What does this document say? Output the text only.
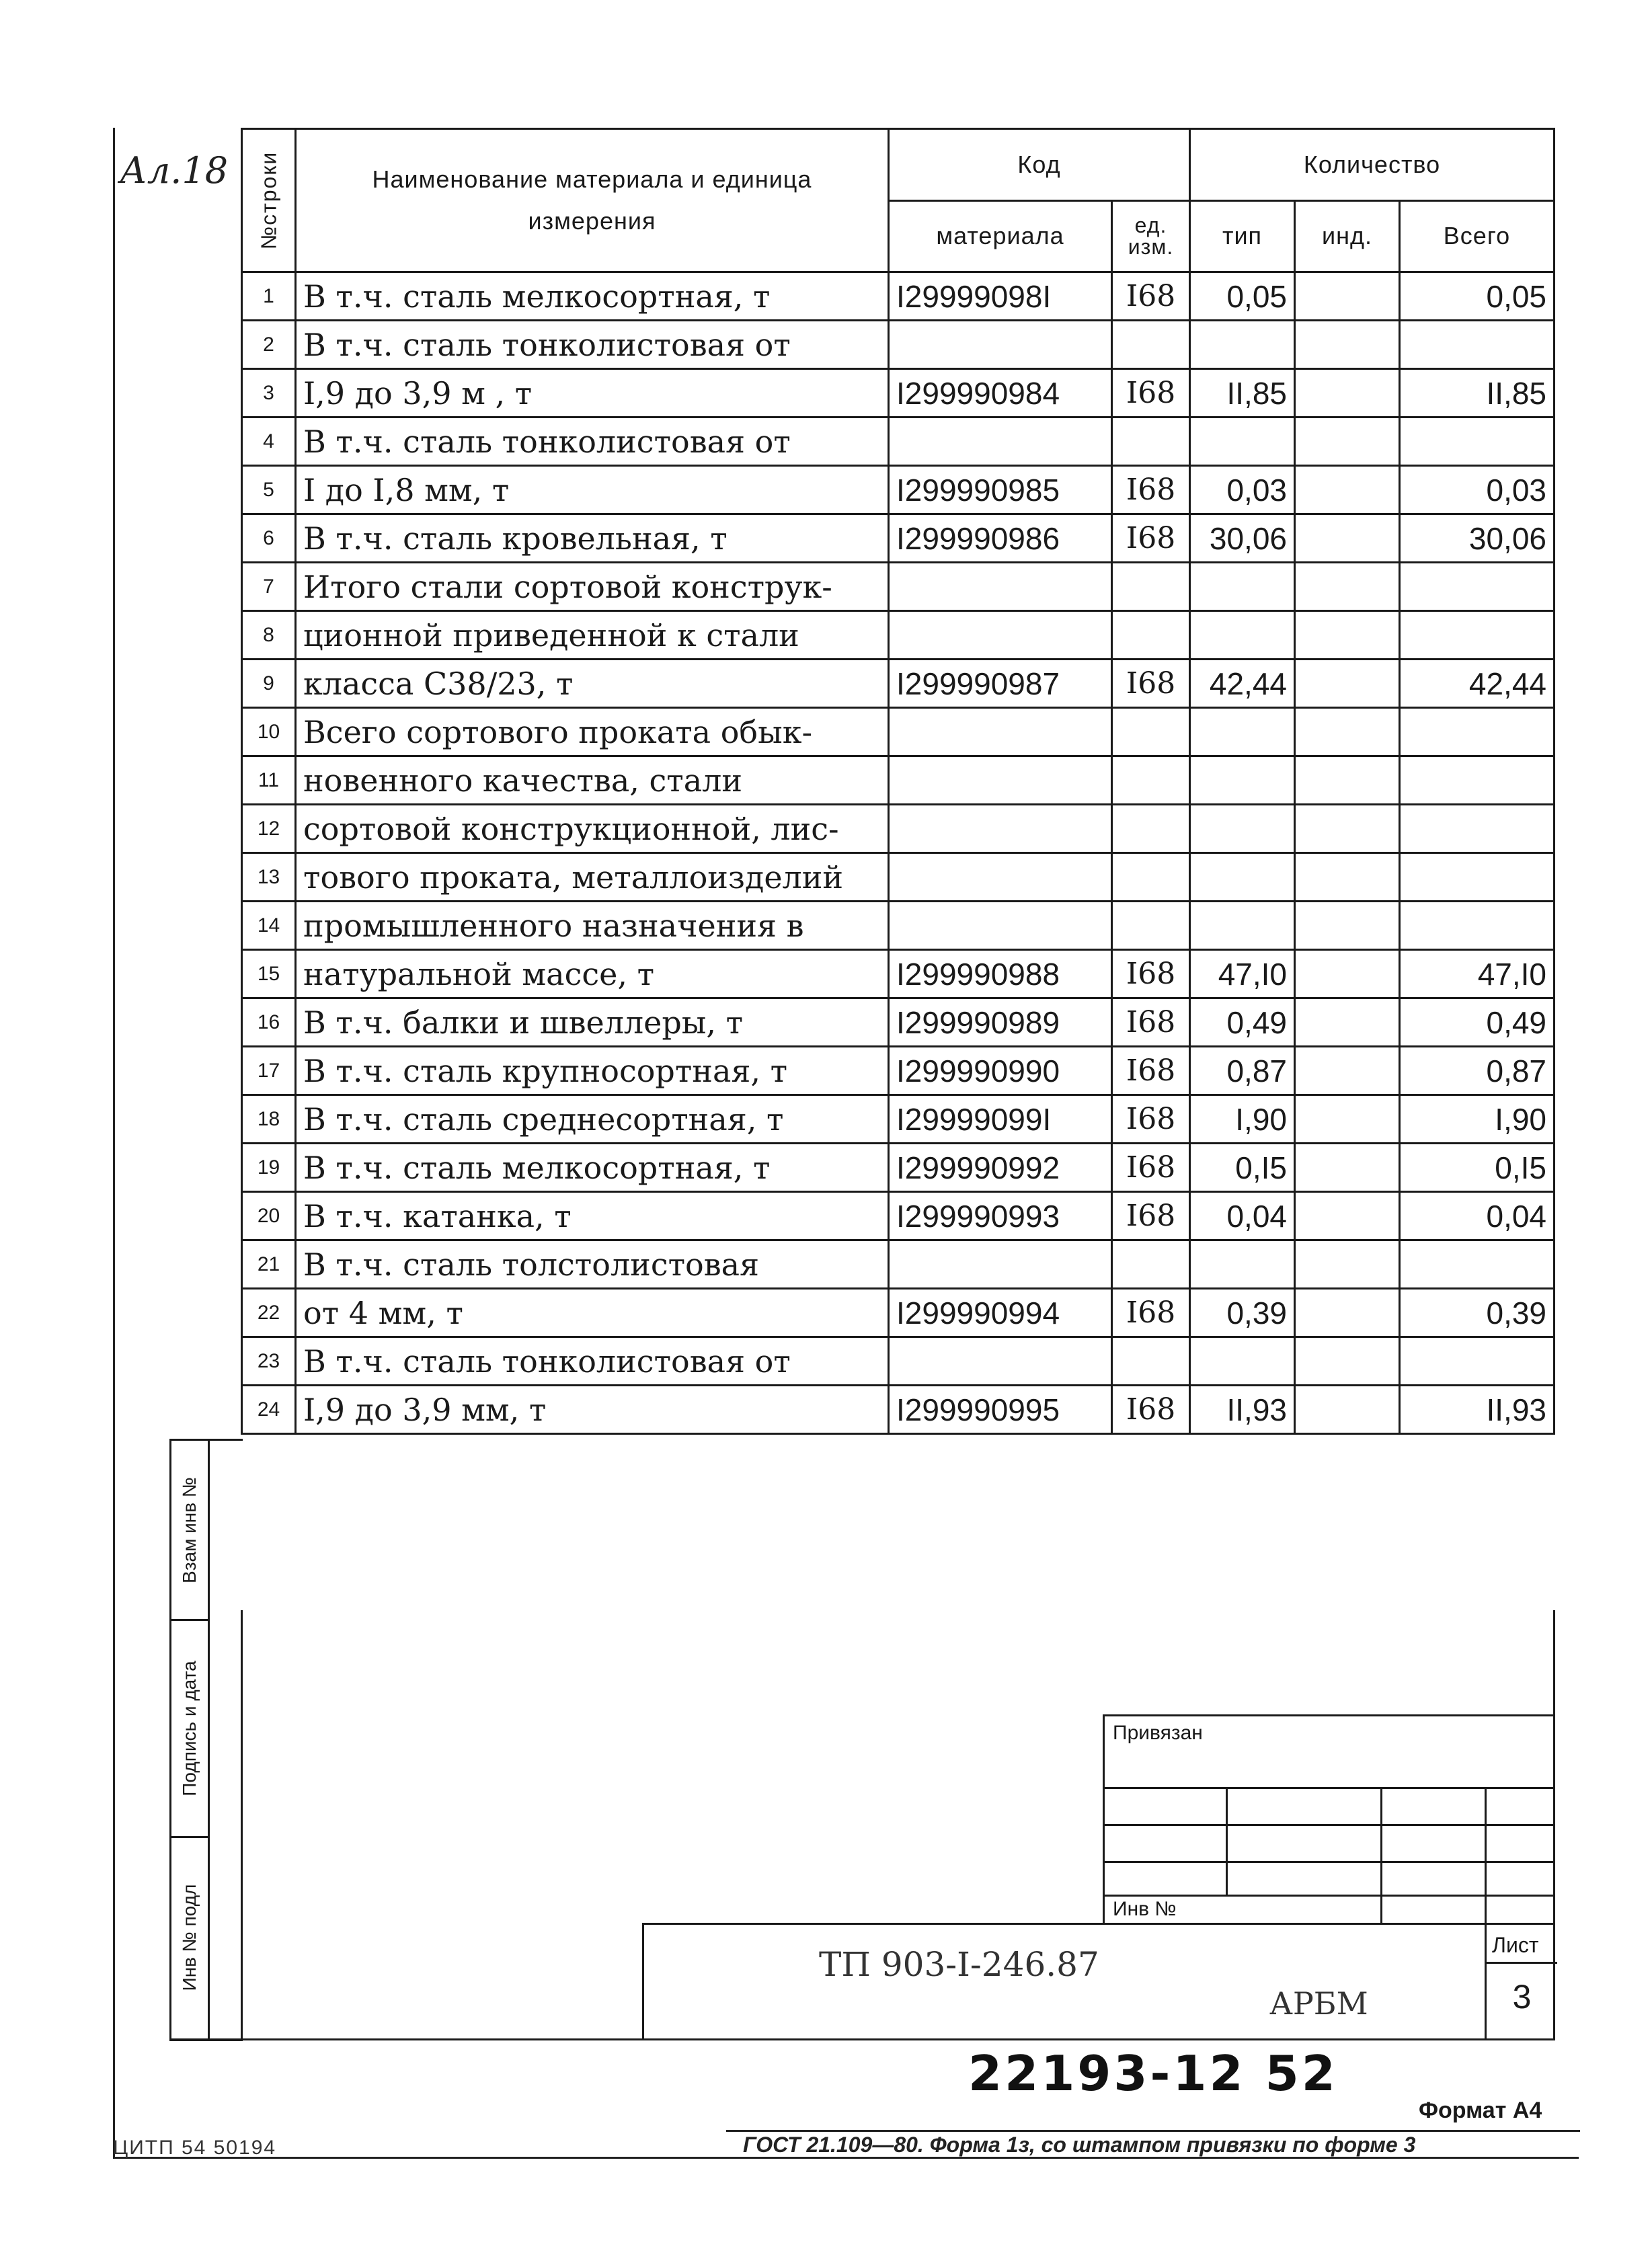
Ал.18 №строки	Наименование материала и единица измерения	Код		Количество		
		материала	ед. изм.	тип	инд.	Всего
1	В т.ч. сталь мелкосортная, т	I29999098I	I68	0,05		0,05
2	В т.ч. сталь тонколистовая от					
3	I,9 до 3,9 м , т	I299990984	I68	II,85		II,85
4	В т.ч. сталь тонколистовая от					
5	I до I,8 мм, т	I299990985	I68	0,03		0,03
6	В т.ч. сталь кровельная, т	I299990986	I68	30,06		30,06
7	Итого стали сортовой конструк-					
8	ционной приведенной к стали					
9	класса С38/23, т	I299990987	I68	42,44		42,44
10	Всего сортового проката обык-					
11	новенного качества, стали					
12	сортовой конструкционной, лис-					
13	тового проката, металлоизделий					
14	промышленного назначения в					
15	натуральной массе, т	I299990988	I68	47,I0		47,I0
16	В т.ч. балки и швеллеры, т	I299990989	I68	0,49		0,49
17	В т.ч. сталь крупносортная, т	I299990990	I68	0,87		0,87
18	В т.ч. сталь среднесортная, т	I29999099I	I68	I,90		I,90
19	В т.ч. сталь мелкосортная, т	I299990992	I68	0,I5		0,I5
20	В т.ч. катанка, т	I299990993	I68	0,04		0,04
21	В т.ч. сталь толстолистовая					
22	от 4 мм, т	I299990994	I68	0,39		0,39
23	В т.ч. сталь тонколистовая от					
24	I,9 до 3,9 мм, т	I299990995	I68	II,93		II,93
Взам инв №
Подпись и дата
Инв № подл
Привязан
Инв №
ТП 903-I-246.87
АРБМ
Лист
3
22193-12 52
Формат А4
ЦИТП 54 50194	ГОСТ 21.109—80. Форма 1з, со штампом привязки по форме 3
